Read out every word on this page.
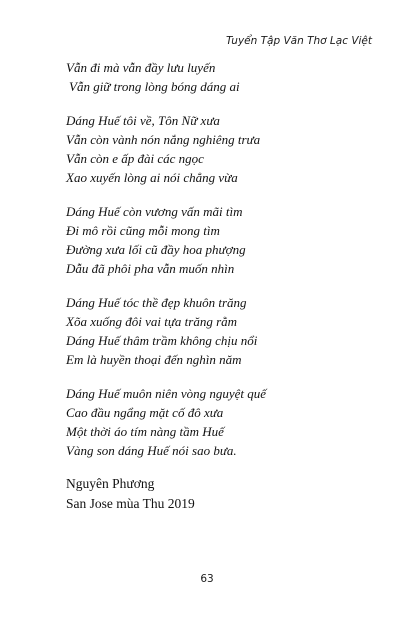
Tuyển Tập Văn Thơ Lạc Việt
Vẫn đi mà vẫn đầy lưu luyến
Vẫn giữ trong lòng bóng dáng ai
Dáng Huế tôi về, Tôn Nữ xưa
Vẫn còn vành nón nắng nghiêng trưa
Vẫn còn e ấp đài các ngọc
Xao xuyến lòng ai nói chẳng vừa
Dáng Huế còn vương vấn mãi tìm
Đi mô rồi cũng mỗi mong tìm
Đường xưa lối cũ đầy hoa phượng
Dẫu đã phôi pha vẫn muốn nhìn
Dáng Huế tóc thề đẹp khuôn trăng
Xõa xuống đôi vai tựa trăng rằm
Dáng Huế thâm trầm không chịu nổi
Em là huyền thoại đến nghìn năm
Dáng Huế muôn niên vòng nguyệt quế
Cao đầu ngẩng mặt cố đô xưa
Một thời áo tím nàng tầm Huế
Vàng son dáng Huế nói sao bưa.
Nguyên Phương
San Jose mùa Thu 2019
63
